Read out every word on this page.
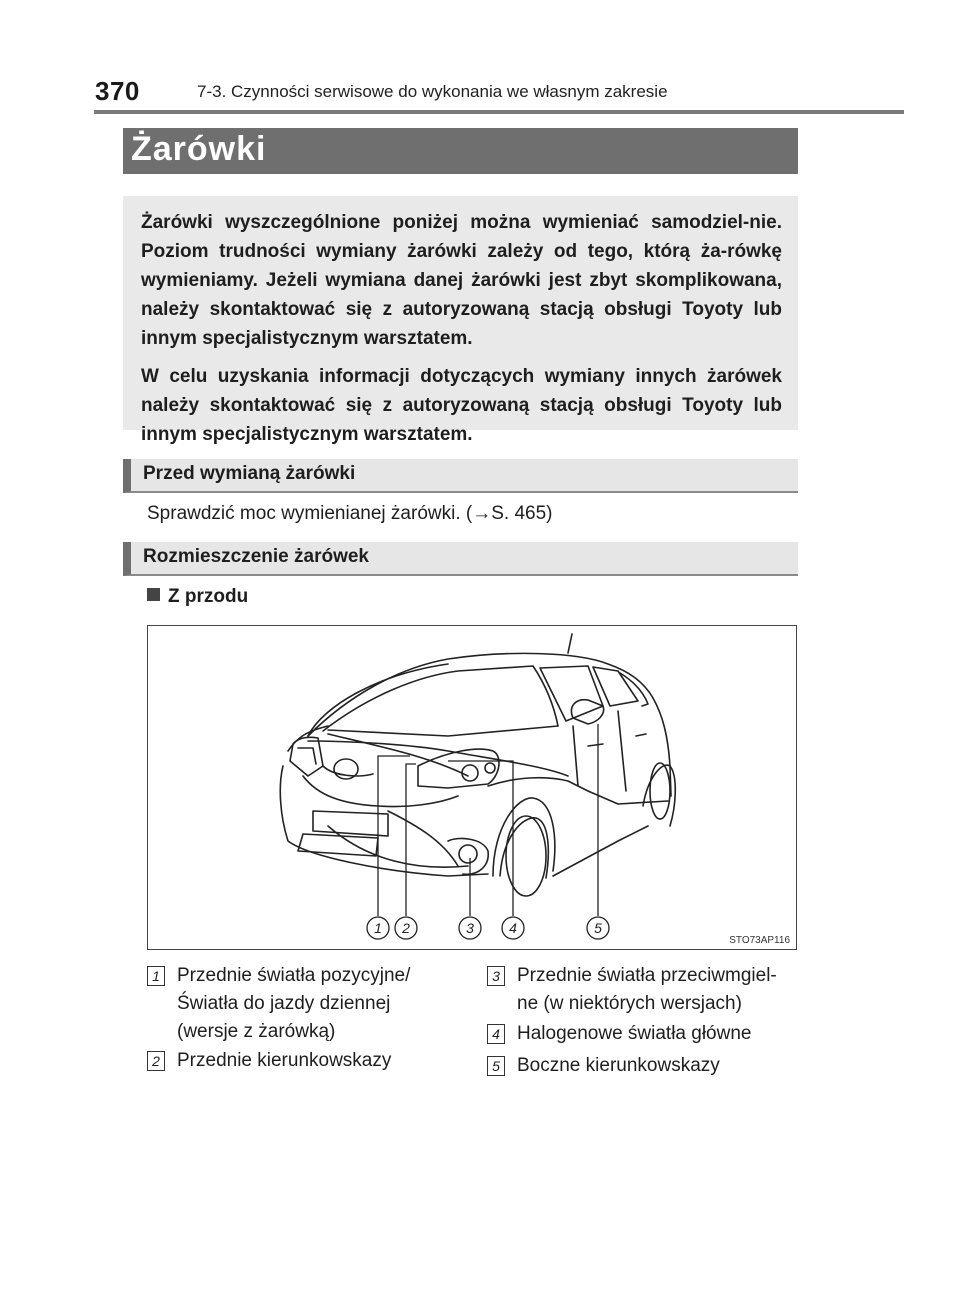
370	7-3. Czynności serwisowe do wykonania we własnym zakresie
Żarówki

Żarówki wyszczególnione poniżej można wymieniać samodziel-nie. Poziom trudności wymiany żarówki zależy od tego, którą ża-rówkę wymieniamy. Jeżeli wymiana danej żarówki jest zbyt skomplikowana, należy skontaktować się z autoryzowaną stacją obsługi Toyoty lub innym specjalistycznym warsztatem.

W celu uzyskania informacji dotyczących wymiany innych żarówek należy skontaktować się z autoryzowaną stacją obsługi Toyoty lub innym specjalistycznym warsztatem.

Przed wymianą żarówki
Sprawdzić moc wymienianej żarówki. (→S. 465)
Rozmieszczenie żarówek
Z przodu
1 2	3	4	5
STO73AP116
1 Przednie światła pozycyjne/
Światła do jazdy dziennej
(wersje z żarówką)
2 Przednie kierunkowskazy
3 Przednie światła przeciwmgiel-
ne (w niektórych wersjach)
4 Halogenowe światła główne
5 Boczne kierunkowskazy
